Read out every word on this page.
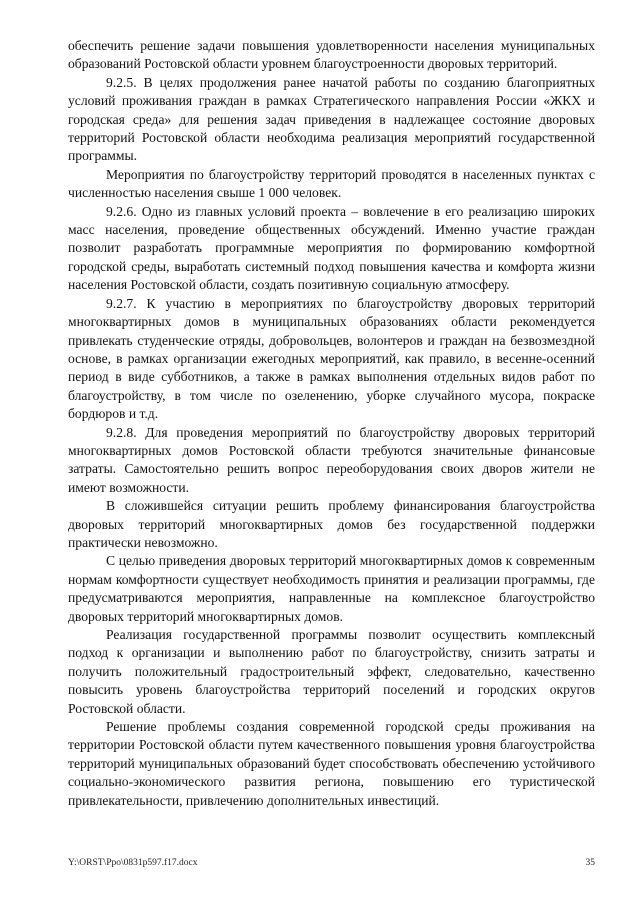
обеспечить решение задачи повышения удовлетворенности населения муниципальных образований Ростовской области уровнем благоустроенности дворовых территорий.

9.2.5. В целях продолжения ранее начатой работы по созданию благоприятных условий проживания граждан в рамках Стратегического направления России «ЖКХ и городская среда» для решения задач приведения в надлежащее состояние дворовых территорий Ростовской области необходима реализация мероприятий государственной программы.

Мероприятия по благоустройству территорий проводятся в населенных пунктах с численностью населения свыше 1 000 человек.

9.2.6. Одно из главных условий проекта – вовлечение в его реализацию широких масс населения, проведение общественных обсуждений. Именно участие граждан позволит разработать программные мероприятия по формированию комфортной городской среды, выработать системный подход повышения качества и комфорта жизни населения Ростовской области, создать позитивную социальную атмосферу.

9.2.7. К участию в мероприятиях по благоустройству дворовых территорий многоквартирных домов в муниципальных образованиях области рекомендуется привлекать студенческие отряды, добровольцев, волонтеров и граждан на безвозмездной основе, в рамках организации ежегодных мероприятий, как правило, в весенне-осенний период в виде субботников, а также в рамках выполнения отдельных видов работ по благоустройству, в том числе по озеленению, уборке случайного мусора, покраске бордюров и т.д.

9.2.8. Для проведения мероприятий по благоустройству дворовых территорий многоквартирных домов Ростовской области требуются значительные финансовые затраты. Самостоятельно решить вопрос переоборудования своих дворов жители не имеют возможности.

В сложившейся ситуации решить проблему финансирования благоустройства дворовых территорий многоквартирных домов без государственной поддержки практически невозможно.

С целью приведения дворовых территорий многоквартирных домов к современным нормам комфортности существует необходимость принятия и реализации программы, где предусматриваются мероприятия, направленные на комплексное благоустройство дворовых территорий многоквартирных домов.

Реализация государственной программы позволит осуществить комплексный подход к организации и выполнению работ по благоустройству, снизить затраты и получить положительный градостроительный эффект, следовательно, качественно повысить уровень благоустройства территорий поселений и городских округов Ростовской области.

Решение проблемы создания современной городской среды проживания на территории Ростовской области путем качественного повышения уровня благоустройства территорий муниципальных образований будет способствовать обеспечению устойчивого социально-экономического развития региона, повышению его туристической привлекательности, привлечению дополнительных инвестиций.

Y:\ORST\Ppo\0831p597.f17.docx	35
